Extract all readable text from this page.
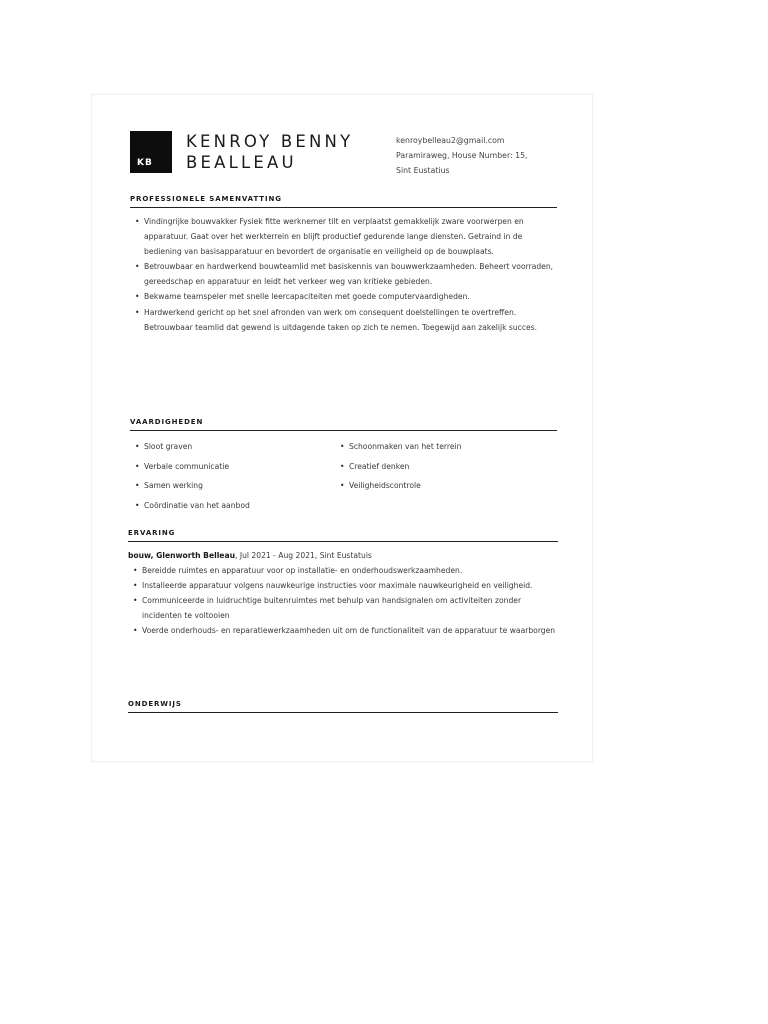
KB
KENROY BENNY
BEALLEAU
kenroybelleau2@gmail.com
Paramiraweg, House Number: 15,
Sint Eustatius
PROFESSIONELE SAMENVATTING
• Vindingrijke bouwvakker Fysiek fitte werknemer tilt en verplaatst gemakkelijk zware voorwerpen en apparatuur. Gaat over het werkterrein en blijft productief gedurende lange diensten. Getraind in de bediening van basisapparatuur en bevordert de organisatie en veiligheid op de bouwplaats.
• Betrouwbaar en hardwerkend bouwteamlid met basiskennis van bouwwerkzaamheden. Beheert voorraden, gereedschap en apparatuur en leidt het verkeer weg van kritieke gebieden.
• Bekwame teamspeler met snelle leercapaciteiten met goede computervaardigheden.
• Hardwerkend gericht op het snel afronden van werk om consequent doelstellingen te overtreffen. Betrouwbaar teamlid dat gewend is uitdagende taken op zich te nemen. Toegewijd aan zakelijk succes.
VAARDIGHEDEN
• Sloot graven
• Verbale communicatie
• Samen werking
• Coördinatie van het aanbod
• Schoonmaken van het terrein
• Creatief denken
• Veiligheidscontrole
ERVARING
bouw, Glenworth Belleau, Jul 2021 - Aug 2021, Sint Eustatuis
• Bereidde ruimtes en apparatuur voor op installatie- en onderhoudswerkzaamheden.
• Installeerde apparatuur volgens nauwkeurige instructies voor maximale nauwkeurigheid en veiligheid.
• Communiceerde in luidruchtige buitenruimtes met behulp van handsignalen om activiteiten zonder incidenten te voltooien
• Voerde onderhouds- en reparatiewerkzaamheden uit om de functionaliteit van de apparatuur te waarborgen
ONDERWIJS
